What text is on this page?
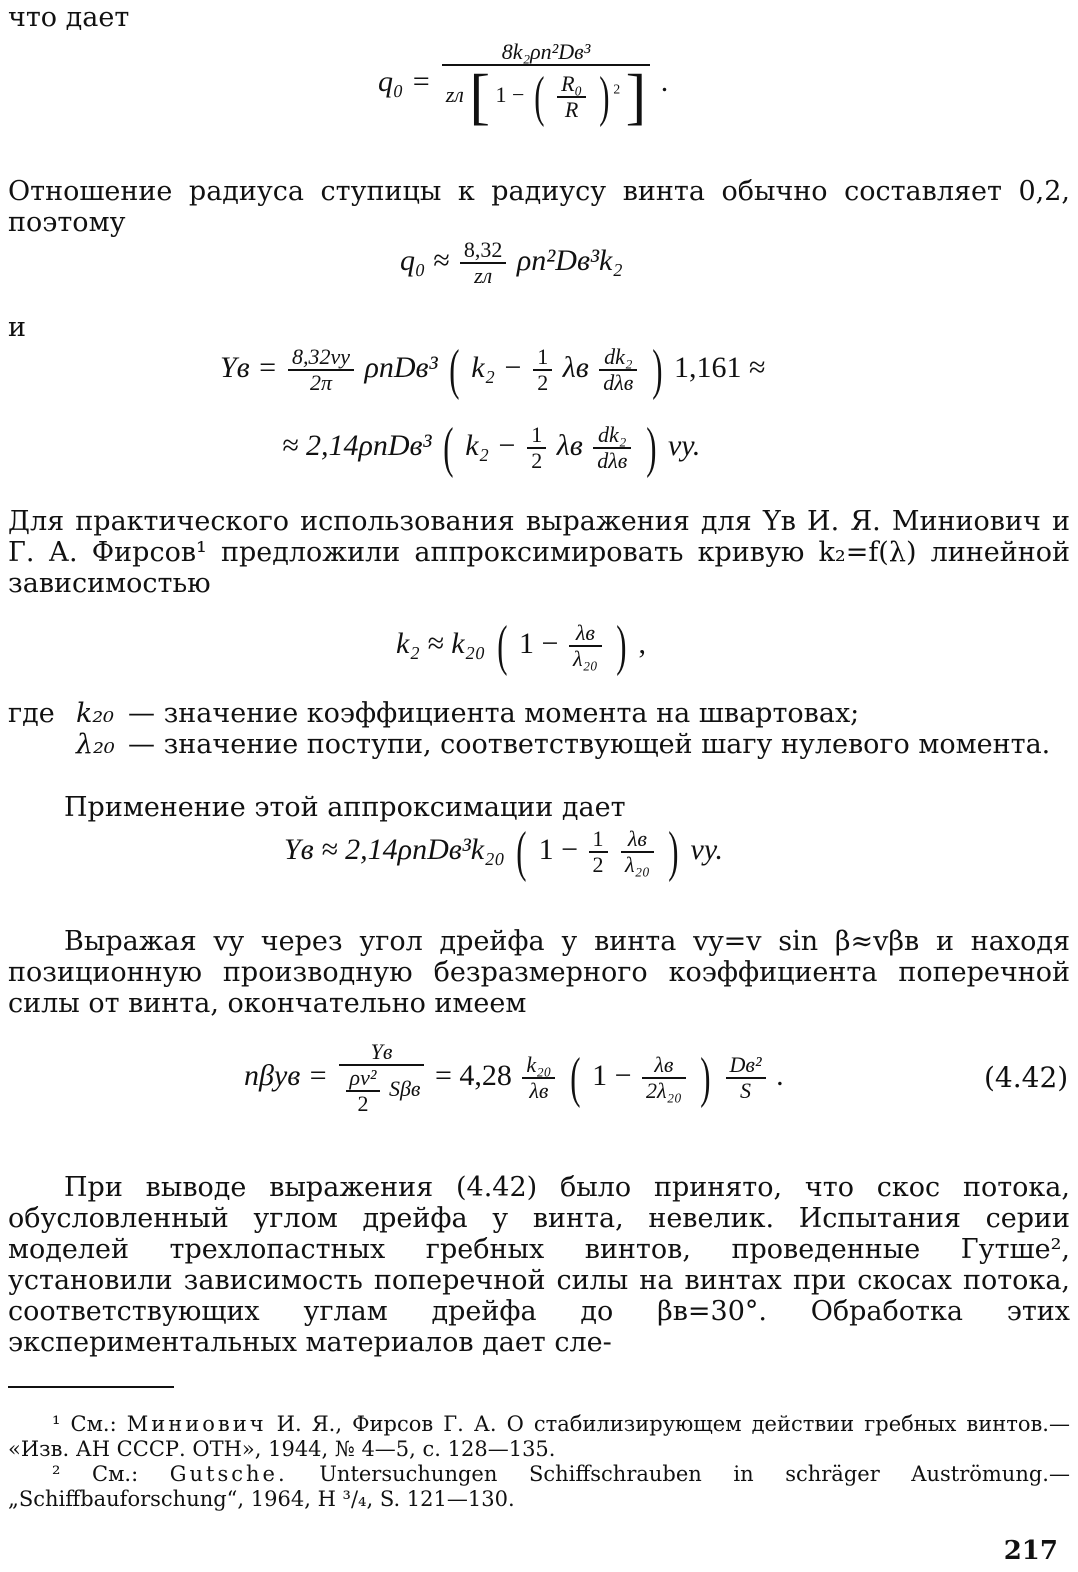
что дает
q₀ =
8k₂ρn²Dв³
zл [ 1 − ( $\frac{\text{R₀}}{R}$ ) $^2$ ] .
Отношение радиуса ступицы к радиусу винта обычно составляет 0,2, поэтому
$q_0 \approx \frac{8,32}{zл} \rho n^2Dв^3k_2$
и
Yв = $\frac{8,32vy}{2\pi} \rho nDв^3$ ( $k_2 - \frac{1}{2}$ λв $\frac{\text{dk₂}}{\text{dλв}}$ ) 1,161 ≈
≈ 2,14ρnDв³ ( $k_2 - \frac{1}{2}$ λв $\frac{\text{dk₂}}{\text{dλв}}$ ) vy.
Для практического использования выражения для Yв И. Я. Миниович и Г. А. Фирсов¹ предложили аппроксимировать кривую k₂=f(λ) линейной зависимостью
k₂ ≈ k₂₀ ( $1 - \frac{\lambda в}{\text{λ₂₀}}$ ) ,
где k₂₀ — значение коэффициента момента на швартовах;
λ₂₀ — значение поступи, соответствующей шагу нулевого момента.
Применение этой аппроксимации дает
Yв ≈ 2,14ρnDв³k₂₀ ( $1 - \frac{1}{2}$
$\frac{\lambda в}{\text{λ₂₀}}$ ) vy.
Выражая vy через угол дрейфа у винта vy=v sin β≈vβв и находя позиционную производную безразмерного коэффициента поперечной силы от винта, окончательно имеем
$n\beta yв = \frac{Yв}{\frac{\text{ρv²}}{2} S\beta в} = 4,28 \frac{\text{k₂₀}}{\lambda в}$ ( $1 - \frac{\lambda в}{\text{2λ₂₀}}$ ) $\frac{\text{Dв²}}{S}$ .	(4.42)
При выводе выражения (4.42) было принято, что скос потока, обусловленный углом дрейфа у винта, невелик. Испытания серии моделей трехлопастных гребных винтов, проведенные Гутше², установили зависимость поперечной силы на винтах при скосах потока, соответствующих углам дрейфа до βв=30°. Обработка этих экспериментальных материалов дает сле-
¹ См.: Миниович И. Я., Фирсов Г. А. О стабилизирующем действии гребных винтов.— «Изв. АН СССР. ОТН», 1944, № 4—5, с. 128—135.
² См.: Gutsche. Untersuchungen Schiffschrauben in schräger Auströmung.— „Schiffbauforschung“, 1964, H ³/₄, S. 121—130.
217
